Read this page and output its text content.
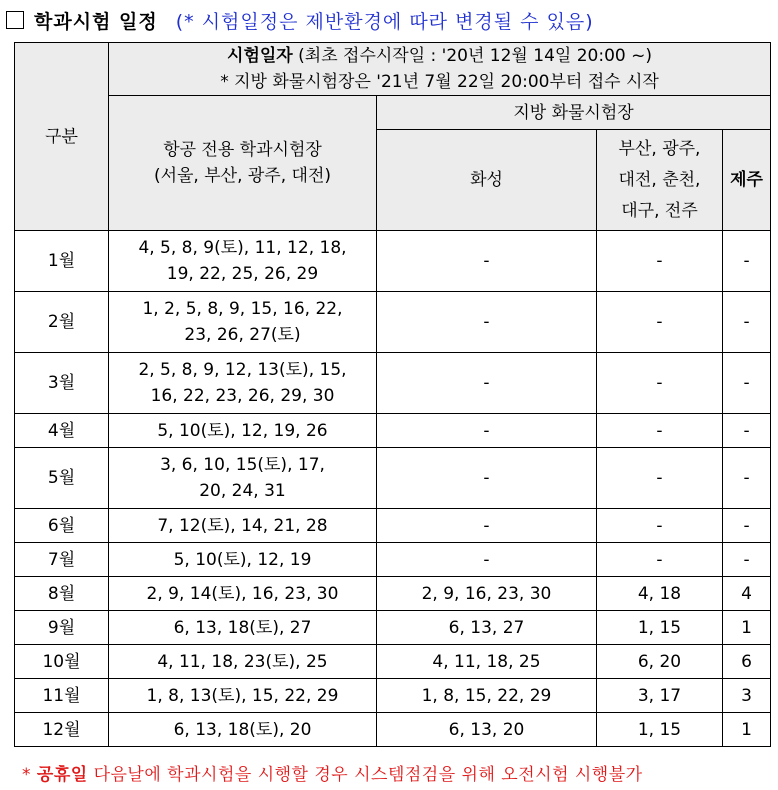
학과시험 일정 (* 시험일정은 제반환경에 따라 변경될 수 있음)
구분	시험일자 (최초 접수시작일 : '20년 12월 14일 20:00 ~)
* 지방 화물시험장은 '21년 7월 22일 20:00부터 접수 시작			

	항공 전용 학과시험장
(서울, 부산, 광주, 대전)	지방 화물시험장		
		화성	부산, 광주,
대전, 춘천,
대구, 전주	제주
1월	4, 5, 8, 9(토), 11, 12, 18,
19, 22, 25, 26, 29	-	-	-
2월	1, 2, 5, 8, 9, 15, 16, 22,
23, 26, 27(토)	-	-	-
3월	2, 5, 8, 9, 12, 13(토), 15,
16, 22, 23, 26, 29, 30	-	-	-
4월	5, 10(토), 12, 19, 26	-	-	-
5월	3, 6, 10, 15(토), 17,
20, 24, 31	-	-	-
6월	7, 12(토), 14, 21, 28	-	-	-
7월	5, 10(토), 12, 19	-	-	-
8월	2, 9, 14(토), 16, 23, 30	2, 9, 16, 23, 30	4, 18	4
9월	6, 13, 18(토), 27	6, 13, 27	1, 15	1
10월	4, 11, 18, 23(토), 25	4, 11, 18, 25	6, 20	6
11월	1, 8, 13(토), 15, 22, 29	1, 8, 15, 22, 29	3, 17	3
12월	6, 13, 18(토), 20	6, 13, 20	1, 15	1
* 공휴일 다음날에 학과시험을 시행할 경우 시스템점검을 위해 오전시험 시행불가
